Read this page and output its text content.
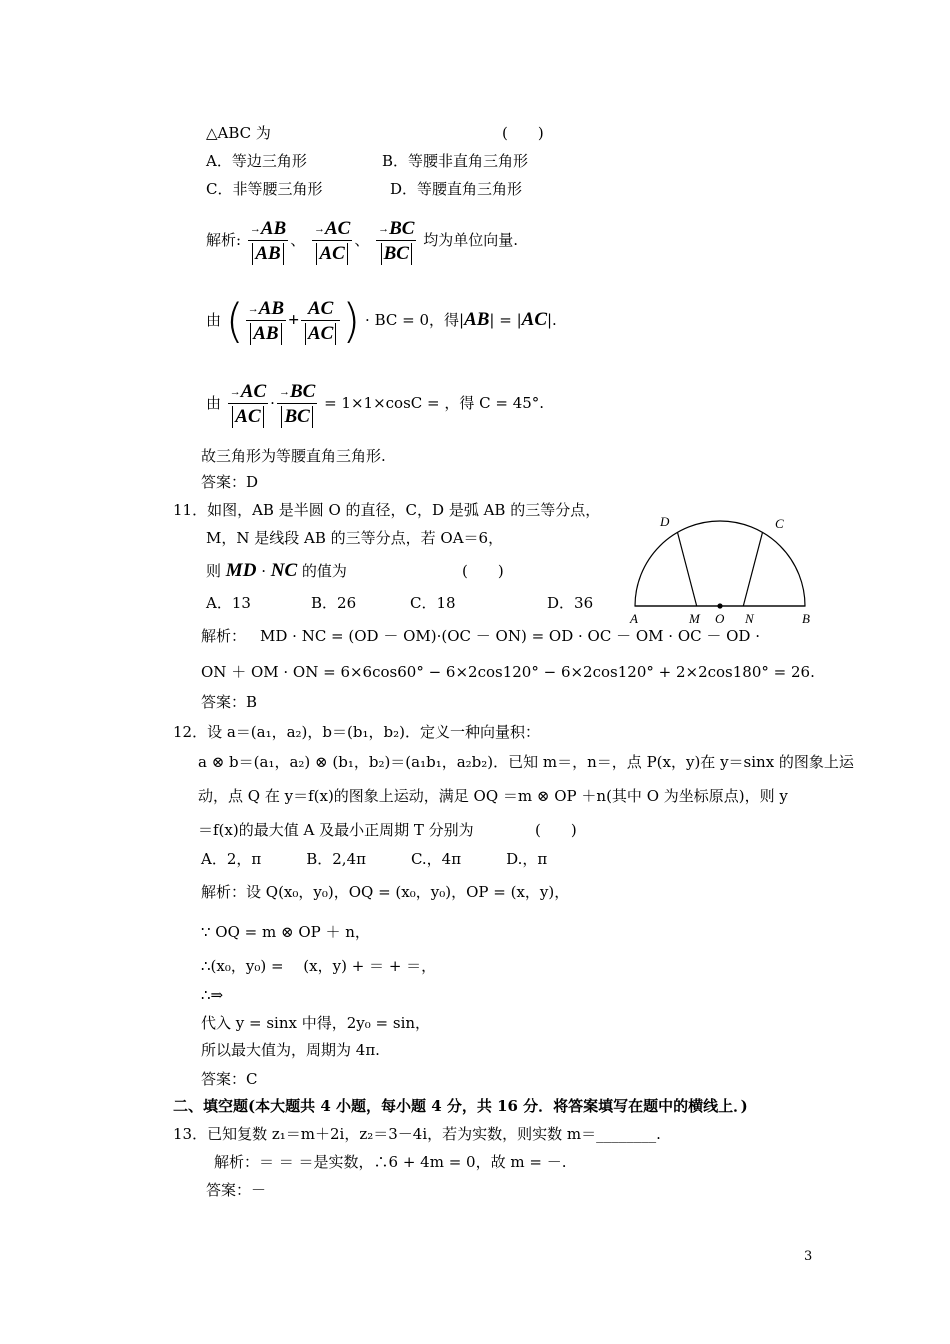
△ABC 为	(　　)
A．等边三角形	B．等腰非直角三角形
C．非等腰三角形	D．等腰直角三角形
解析: $\frac{^\to AB}{AB}$ 、 $\frac{^\to AC}{AC}$ 、 $\frac{^\to BC}{BC}$ 均为单位向量.
由 ( $\frac{^\to AB}{AB} + \frac{AC}{AC}$ ) · BC = 0，得|AB| = |AC|.
由 $\frac{^\to AC}{AC} \cdot \frac{^\to BC}{BC} = 1\times 1\times\cos C$ = ，得 C = 45°.
故三角形为等腰直角三角形.
答案：D
11．如图，AB 是半圆 O 的直径，C，D 是弧 AB 的三等分点，
M，N 是线段 AB 的三等分点，若 OA＝6，
则 MD · NC 的值为	(　　)
A．13	B．26	C．18	D．36
A	M O N	B
C
D
解析： MD · NC = (OD － OM)·(OC － ON) = OD · OC － OM · OC － OD ·
ON ＋ OM · ON = 6×6cos60° − 6×2cos120° − 6×2cos120° + 2×2cos180° = 26.
答案：B
12．设 a＝(a₁，a₂)，b＝(b₁，b₂)．定义一种向量积：
a ⊗ b＝(a₁，a₂) ⊗ (b₁，b₂)＝(a₁b₁，a₂b₂)．已知 m＝，n＝，点 P(x，y)在 y＝sinx 的图象上运
动，点 Q 在 y＝f(x)的图象上运动，满足 OQ ＝m ⊗ OP ＋n(其中 O 为坐标原点)，则 y
＝f(x)的最大值 A 及最小正周期 T 分别为	(　　)
A．2，π　　　B．2,4π　　　C.，4π　　　D.，π
解析：设 Q(x₀，y₀)，OQ = (x₀，y₀)，OP = (x，y)，
∵ OQ = m ⊗ OP ＋ n，
∴(x₀，y₀) =　 (x，y) + ＝ + ＝，
∴⇒
代入 y = sinx 中得，2y₀ = sin，
所以最大值为，周期为 4π.
答案：C
二、填空题(本大题共 4 小题，每小题 4 分，共 16 分．将答案填写在题中的横线上．)
13．已知复数 z₁＝m＋2i，z₂＝3－4i，若为实数，则实数 m＝________.
解析：＝ ＝ ＝是实数，∴6 + 4m = 0，故 m = －.
答案：－
3
